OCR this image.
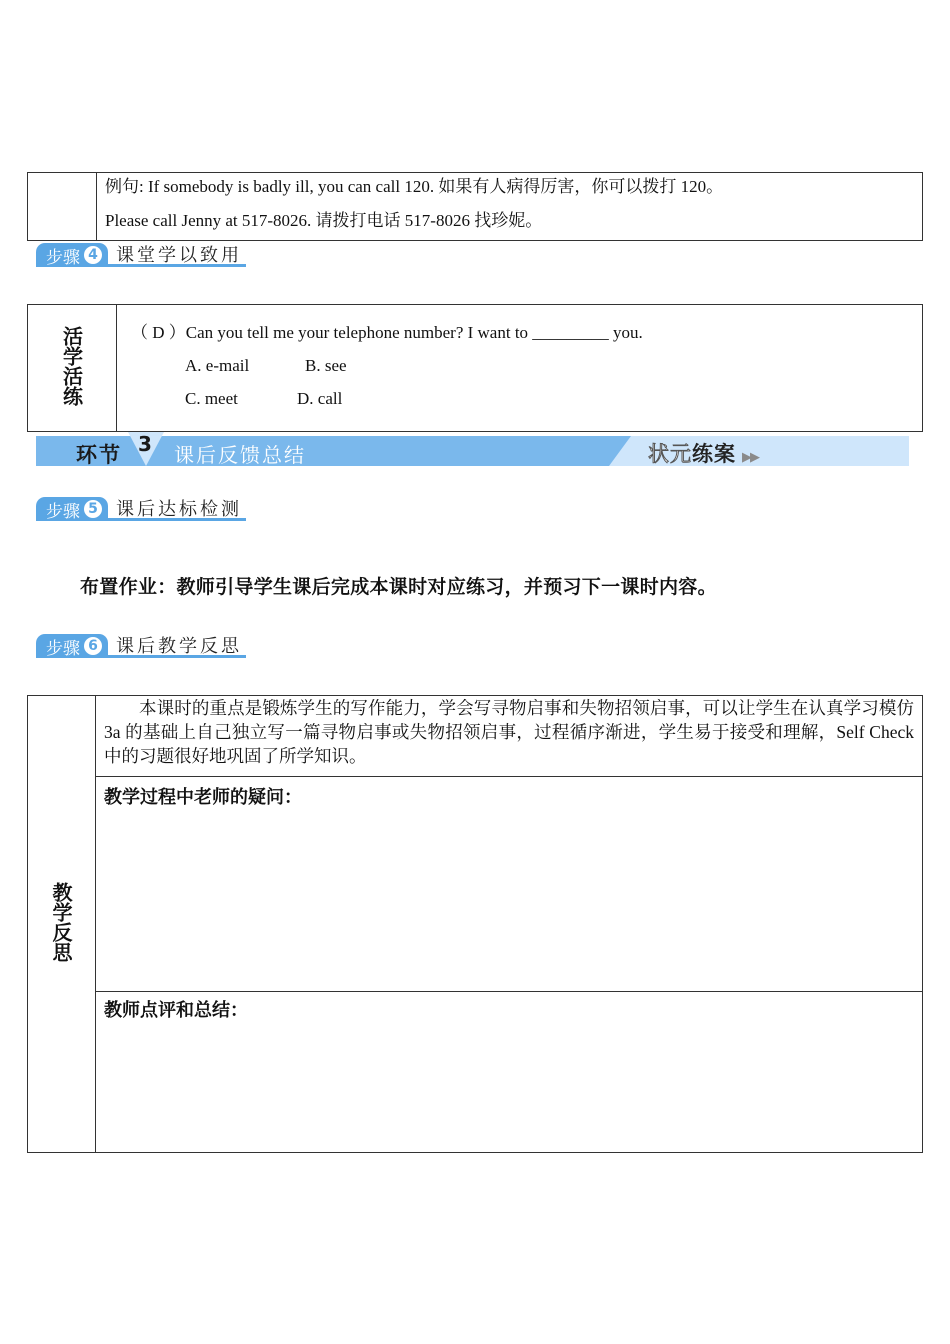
例句: If somebody is badly ill, you can call 120. 如果有人病得厉害，你可以拨打 120。
Please call Jenny at 517-8026. 请拨打电话 517-8026 找珍妮。
步骤 4	课堂学以致用
活学活练	（ D ）Can you tell me your telephone number? I want to _________ you.
A. e-mail	B. see
C. meet	D. call
环节 3 课后反馈总结	状元练案 ▶▶
步骤 5	课后达标检测
布置作业：教师引导学生课后完成本课时对应练习，并预习下一课时内容。
步骤 6	课后教学反思
教学反思	
本课时的重点是锻炼学生的写作能力，学会写寻物启事和失物招领启事，可以让学生在认真学习模仿 3a 的基础上自己独立写一篇寻物启事或失物招领启事，过程循序渐进，学生易于接受和理解，Self Check 中的习题很好地巩固了所学知识。

教学过程中老师的疑问：

教师点评和总结：
